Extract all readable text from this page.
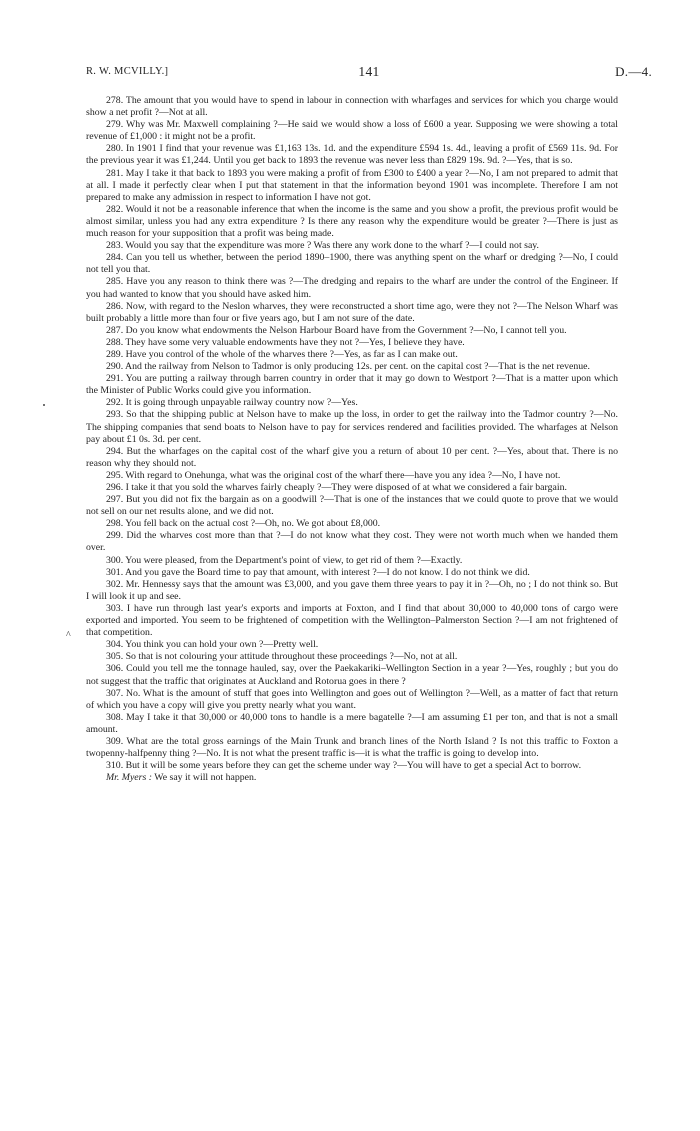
R. W. MCVILLY.]	141	D.—4.
^

278. The amount that you would have to spend in labour in connection with wharfages and services for which you charge would show a net profit ?—Not at all.

279. Why was Mr. Maxwell complaining ?—He said we would show a loss of £600 a year. Supposing we were showing a total revenue of £1,000 : it might not be a profit.

280. In 1901 I find that your revenue was £1,163 13s. 1d. and the expenditure £594 1s. 4d., leaving a profit of £569 11s. 9d. For the previous year it was £1,244. Until you get back to 1893 the revenue was never less than £829 19s. 9d. ?—Yes, that is so.

281. May I take it that back to 1893 you were making a profit of from £300 to £400 a year ?—No, I am not prepared to admit that at all. I made it perfectly clear when I put that statement in that the information beyond 1901 was incomplete. Therefore I am not prepared to make any admission in respect to information I have not got.

282. Would it not be a reasonable inference that when the income is the same and you show a profit, the previous profit would be almost similar, unless you had any extra expenditure ? Is there any reason why the expenditure would be greater ?—There is just as much reason for your supposition that a profit was being made.

283. Would you say that the expenditure was more ? Was there any work done to the wharf ?—I could not say.

284. Can you tell us whether, between the period 1890–1900, there was anything spent on the wharf or dredging ?—No, I could not tell you that.

285. Have you any reason to think there was ?—The dredging and repairs to the wharf are under the control of the Engineer. If you had wanted to know that you should have asked him.

286. Now, with regard to the Neslon wharves, they were reconstructed a short time ago, were they not ?—The Nelson Wharf was built probably a little more than four or five years ago, but I am not sure of the date.

287. Do you know what endowments the Nelson Harbour Board have from the Government ?—No, I cannot tell you.

288. They have some very valuable endowments have they not ?—Yes, I believe they have.

289. Have you control of the whole of the wharves there ?—Yes, as far as I can make out.

290. And the railway from Nelson to Tadmor is only producing 12s. per cent. on the capital cost ?—That is the net revenue.

291. You are putting a railway through barren country in order that it may go down to Westport ?—That is a matter upon which the Minister of Public Works could give you information.

292. It is going through unpayable railway country now ?—Yes.

293. So that the shipping public at Nelson have to make up the loss, in order to get the railway into the Tadmor country ?—No. The shipping companies that send boats to Nelson have to pay for services rendered and facilities provided. The wharfages at Nelson pay about £1 0s. 3d. per cent.

294. But the wharfages on the capital cost of the wharf give you a return of about 10 per cent. ?—Yes, about that. There is no reason why they should not.

295. With regard to Onehunga, what was the original cost of the wharf there—have you any idea ?—No, I have not.

296. I take it that you sold the wharves fairly cheaply ?—They were disposed of at what we considered a fair bargain.

297. But you did not fix the bargain as on a goodwill ?—That is one of the instances that we could quote to prove that we would not sell on our net results alone, and we did not.

298. You fell back on the actual cost ?—Oh, no. We got about £8,000.

299. Did the wharves cost more than that ?—I do not know what they cost. They were not worth much when we handed them over.

300. You were pleased, from the Department's point of view, to get rid of them ?—Exactly.

301. And you gave the Board time to pay that amount, with interest ?—I do not know. I do not think we did.

302. Mr. Hennessy says that the amount was £3,000, and you gave them three years to pay it in ?—Oh, no ; I do not think so. But I will look it up and see.

303. I have run through last year's exports and imports at Foxton, and I find that about 30,000 to 40,000 tons of cargo were exported and imported. You seem to be frightened of competition with the Wellington–Palmerston Section ?—I am not frightened of that competition.

304. You think you can hold your own ?—Pretty well.

305. So that is not colouring your attitude throughout these proceedings ?—No, not at all.

306. Could you tell me the tonnage hauled, say, over the Paekakariki–Wellington Section in a year ?—Yes, roughly ; but you do not suggest that the traffic that originates at Auckland and Rotorua goes in there ?

307. No. What is the amount of stuff that goes into Wellington and goes out of Wellington ?—Well, as a matter of fact that return of which you have a copy will give you pretty nearly what you want.

308. May I take it that 30,000 or 40,000 tons to handle is a mere bagatelle ?—I am assuming £1 per ton, and that is not a small amount.

309. What are the total gross earnings of the Main Trunk and branch lines of the North Island ? Is not this traffic to Foxton a twopenny-halfpenny thing ?—No. It is not what the present traffic is—it is what the traffic is going to develop into.

310. But it will be some years before they can get the scheme under way ?—You will have to get a special Act to borrow.

Mr. Myers : We say it will not happen.
